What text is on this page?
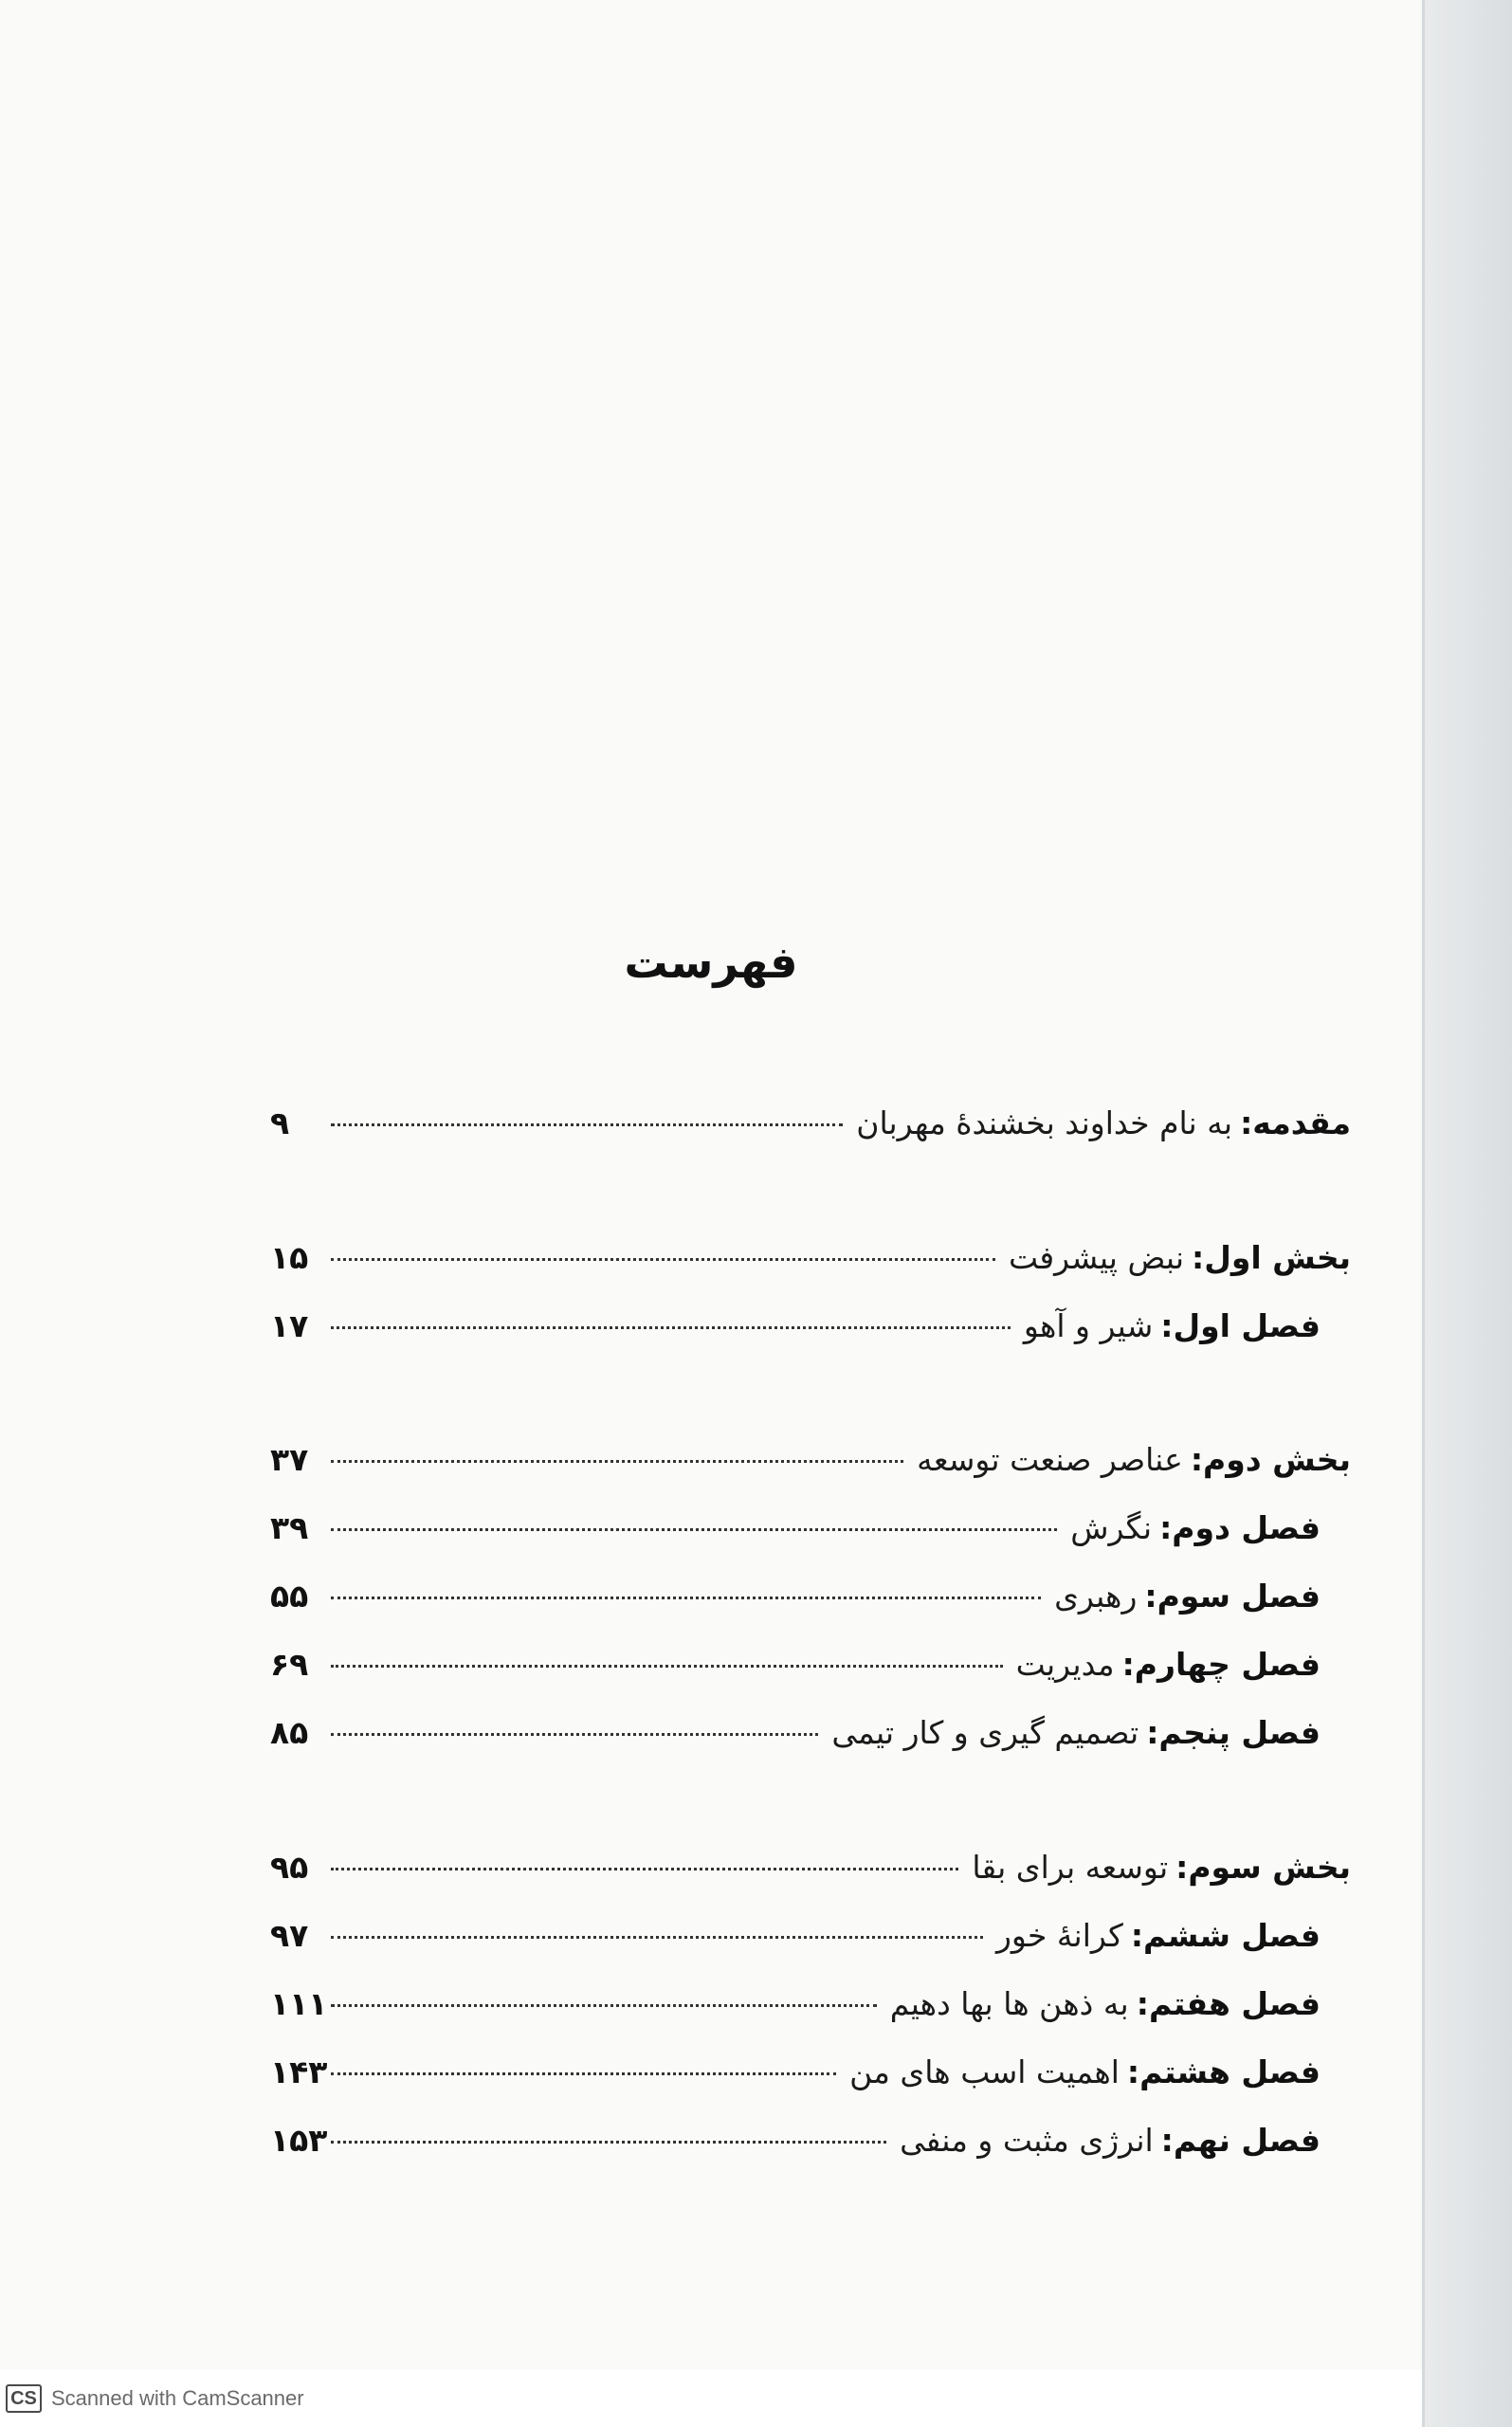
فهرست
مقدمه:
به نام خداوند بخشندۀ مهربان
۹
بخش اول:
نبض پیشرفت
۱۵
فصل اول:
شیر و آهو
۱۷
بخش دوم:
عناصر صنعت توسعه
۳۷
فصل دوم:
نگرش
۳۹
فصل سوم:
رهبری
۵۵
فصل چهارم:
مدیریت
۶۹
فصل پنجم:
تصمیم گیری و کار تیمی
۸۵
بخش سوم:
توسعه برای بقا
۹۵
فصل ششم:
کرانۀ خور
۹۷
فصل هفتم:
به ذهن ها بها دهیم
۱۱۱
فصل هشتم:
اهمیت اسب های من
۱۴۳
فصل نهم:
انرژی مثبت و منفی
۱۵۳
CS Scanned with CamScanner
